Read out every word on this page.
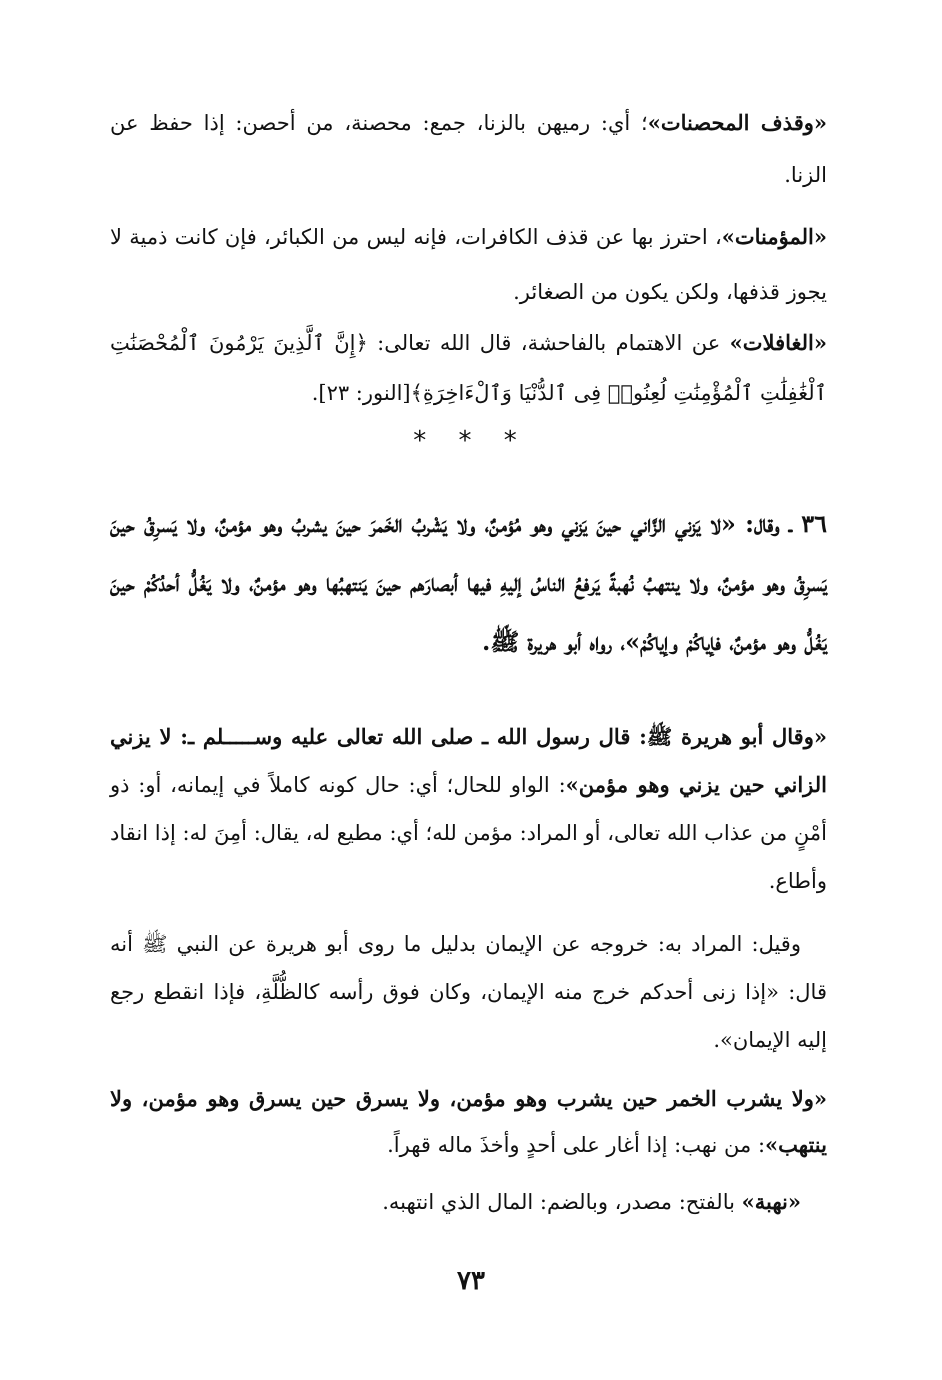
«وقذف المحصنات»؛ أي: رميهن بالزنا، جمع: محصنة، من أحصن: إذا حفظ عن الزنا.

«المؤمنات»، احترز بها عن قذف الكافرات، فإنه ليس من الكبائر، فإن كانت ذمية لا يجوز قذفها، ولكن يكون من الصغائر.

«الغافلات» عن الاهتمام بالفاحشة، قال الله تعالى: ﴿إِنَّ ٱلَّذِينَ يَرْمُونَ ٱلْمُحْصَنَٰتِ ٱلْغَٰفِلَٰتِ ٱلْمُؤْمِنَٰتِ لُعِنُوا۟ فِى ٱلدُّنْيَا وَٱلْءَاخِرَةِ﴾[النور: ٢٣].

* * *

٣٦ ـ وقال: «لا يَزني الزَّاني حينَ يَزني وهو مُؤمنٌ، ولا يَشْربُ الخَمرَ حينَ يشربُ وهو مؤمنٌ، ولا يَسرِقُ حينَ يَسرِقُ وهو مؤمنٌ، ولا ينتهبُ نُهبةً يَرفعُ الناسُ إليهِ فيها أبصارَهم حينَ يَنتهبُها وهو مؤمنٌ، ولا يَغُلُّ أحدُكُمْ حينَ يَغُلُّ وهو مؤمنٌ، فإياكُمْ وإياكُمْ»، رواه أبو هريرة ﷺ.

«وقال أبو هريرة ﷺ: قال رسول الله ـ صلى الله تعالى عليه وســـــلم ـ: لا يزني الزاني حين يزني وهو مؤمن»: الواو للحال؛ أي: حال كونه كاملاً في إيمانه، أو: ذو أمْنٍ من عذاب الله تعالى، أو المراد: مؤمن لله؛ أي: مطيع له، يقال: أمِنَ له: إذا انقاد وأطاع.

وقيل: المراد به: خروجه عن الإيمان بدليل ما روى أبو هريرة عن النبي ﷺ أنه قال: «إذا زنى أحدكم خرج منه الإيمان، وكان فوق رأسه كالظُّلَّةِ، فإذا انقطع رجع إليه الإيمان».

«ولا يشرب الخمر حين يشرب وهو مؤمن، ولا يسرق حين يسرق وهو مؤمن، ولا ينتهب»: من نهب: إذا أغار على أحدٍ وأخذَ ماله قهراً.

«نهبة» بالفتح: مصدر، وبالضم: المال الذي انتهبه.

٧٣
